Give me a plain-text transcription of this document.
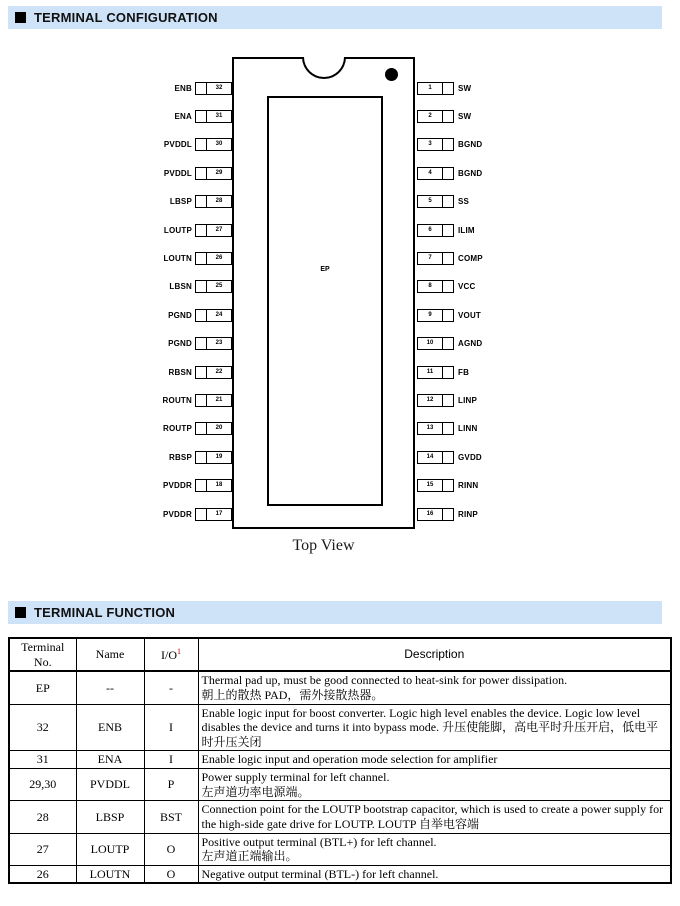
TERMINAL CONFIGURATION
EP
32
ENB
31
ENA
30
PVDDL
29
PVDDL
28
LBSP
27
LOUTP
26
LOUTN
25
LBSN
24
PGND
23
PGND
22
RBSN
21
ROUTN
20
ROUTP
19
RBSP
18
PVDDR
17
PVDDR
1	SW
2	SW
3	BGND
4	BGND
5	SS
6	ILIM
7	COMP
8	VCC
9	VOUT
10	AGND
11	FB
12	LINP
13	LINN
14	GVDD
15	RINN
16	RINP
Top View
TERMINAL FUNCTION
Terminal No.	Name	$I/O^1$	Description
EP	--	-	Thermal pad up, must be good connected to heat-sink for power dissipation.
朝上的散热 PAD，需外接散热器。

32	ENB	I	Enable logic input for boost converter. Logic high level enables the device. Logic low level disables the device and turns it into bypass mode. 升压使能脚，高电平时升压开启，低电平时升压关闭

31	ENA	I	Enable logic input and operation mode selection for amplifier

29,30	PVDDL	P	Power supply terminal for left channel.
左声道功率电源端。

28	LBSP	BST	Connection point for the LOUTP bootstrap capacitor, which is used to create a power supply for the high-side gate drive for LOUTP. LOUTP 自举电容端

27	LOUTP	O	Positive output terminal (BTL+) for left channel.
左声道正端输出。

26	LOUTN	O	Negative output terminal (BTL-) for left channel.
